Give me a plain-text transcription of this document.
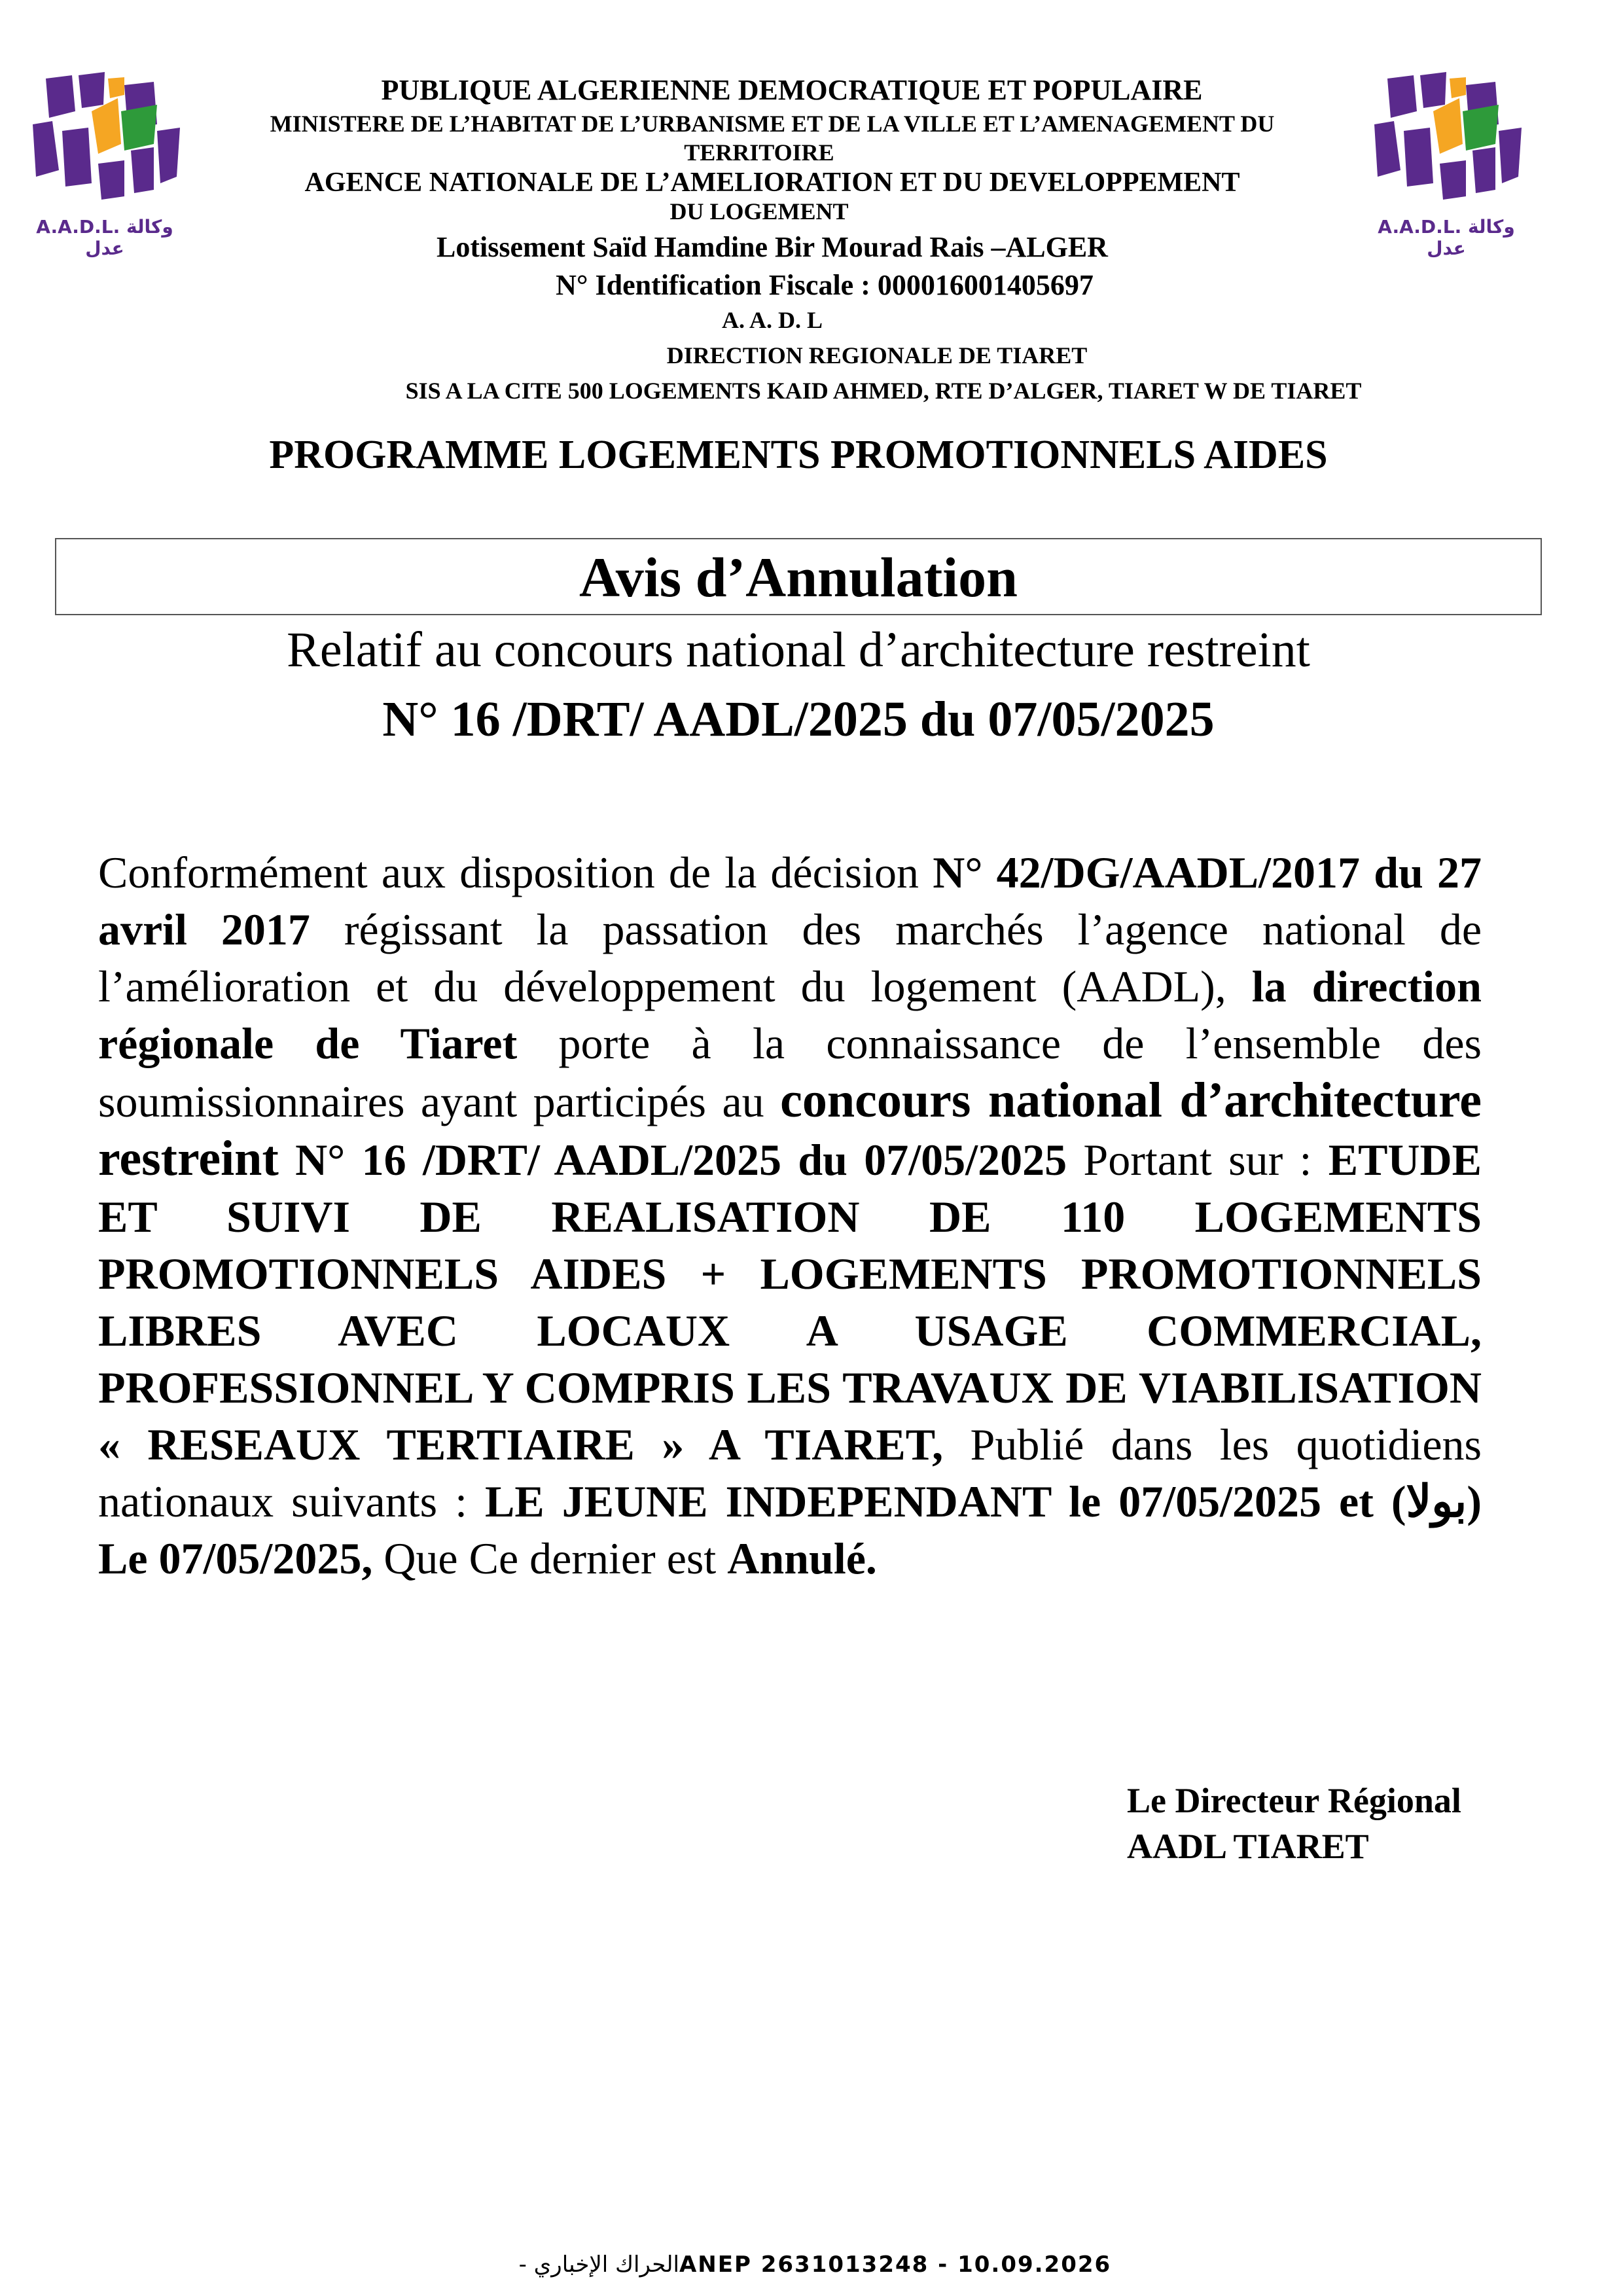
A.A.D.L. وكالة عدل
A.A.D.L. وكالة عدل
PUBLIQUE ALGERIENNE DEMOCRATIQUE ET POPULAIRE
MINISTERE DE L’HABITAT DE L’URBANISME ET DE LA VILLE ET L’AMENAGEMENT DU
TERRITOIRE
AGENCE NATIONALE DE L’AMELIORATION ET DU DEVELOPPEMENT
DU LOGEMENT
Lotissement Saïd Hamdine Bir Mourad Rais –ALGER
N° Identification Fiscale : 000016001405697
A. A. D. L
DIRECTION REGIONALE DE TIARET
SIS A LA CITE 500 LOGEMENTS KAID AHMED, RTE D’ALGER, TIARET W DE TIARET
PROGRAMME LOGEMENTS PROMOTIONNELS AIDES
Avis d’Annulation
Relatif au concours national d’architecture restreint
N° 16 /DRT/ AADL/2025 du 07/05/2025
Conformément aux disposition de la décision N° 42/DG/AADL/2017 du 27 avril 2017 régissant la passation des marchés l’agence national de l’amélioration et du développement du logement (AADL), la direction régionale de Tiaret porte à la connaissance de l’ensemble des soumissionnaires ayant participés au concours national d’architecture restreint N° 16 /DRT/ AADL/2025 du 07/05/2025 Portant sur : ETUDE ET SUIVI DE REALISATION DE 110 LOGEMENTS PROMOTIONNELS AIDES + LOGEMENTS PROMOTIONNELS LIBRES AVEC LOCAUX A USAGE COMMERCIAL, PROFESSIONNEL Y COMPRIS LES TRAVAUX DE VIABILISATION « RESEAUX TERTIAIRE » A TIARET, Publié dans les quotidiens nationaux suivants : LE JEUNE INDEPENDANT le 07/05/2025 et (بولا) Le 07/05/2025, Que Ce dernier est Annulé.
Le Directeur Régional
AADL TIARET
الحراك الإخباري - ANEP 2631013248 - 10.09.2026
